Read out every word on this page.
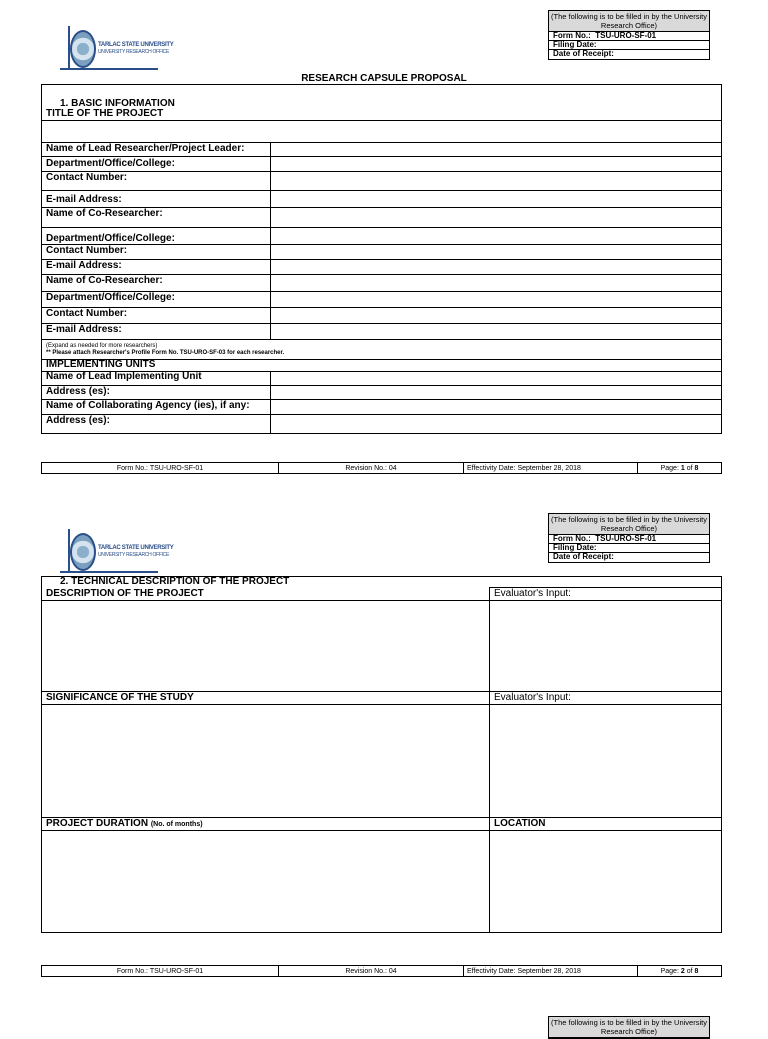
(The following is to be filled in by the University Research Office)
Form No.: TSU-URO-SF-01
Filing Date:
Date of Receipt:
TARLAC STATE UNIVERSITY
UNIVERSITY RESEARCH OFFICE
RESEARCH CAPSULE PROPOSAL
1. BASIC INFORMATION	
TITLE OF THE PROJECT	

Name of Lead Researcher/Project Leader:	
Department/Office/College:	
Contact Number:	
E-mail Address:	
Name of Co-Researcher:	
Department/Office/College:	
Contact Number:	
E-mail Address:	
Name of Co-Researcher:	
Department/Office/College:	
Contact Number:	
E-mail Address:	

(Expand as needed for more researchers)
** Please attach Researcher's Profile Form No. TSU-URO-SF-03 for each researcher.	

IMPLEMENTING UNITS	
Name of Lead Implementing Unit	
Address (es):	
Name of Collaborating Agency (ies), if any:	
Address (es):	
Form No.: TSU-URO-SF-01	Revision No.: 04	Effectivity Date: September 28, 2018	Page: 1 of 8
(The following is to be filled in by the University Research Office)
Form No.: TSU-URO-SF-01
Filing Date:
Date of Receipt:
TARLAC STATE UNIVERSITY
UNIVERSITY RESEARCH OFFICE
2. TECHNICAL DESCRIPTION OF THE PROJECT	
DESCRIPTION OF THE PROJECT	Evaluator's Input:

SIGNIFICANCE OF THE STUDY	Evaluator's Input:

PROJECT DURATION (No. of months)	LOCATION

Form No.: TSU-URO-SF-01	Revision No.: 04	Effectivity Date: September 28, 2018	Page: 2 of 8
(The following is to be filled in by the University Research Office)
